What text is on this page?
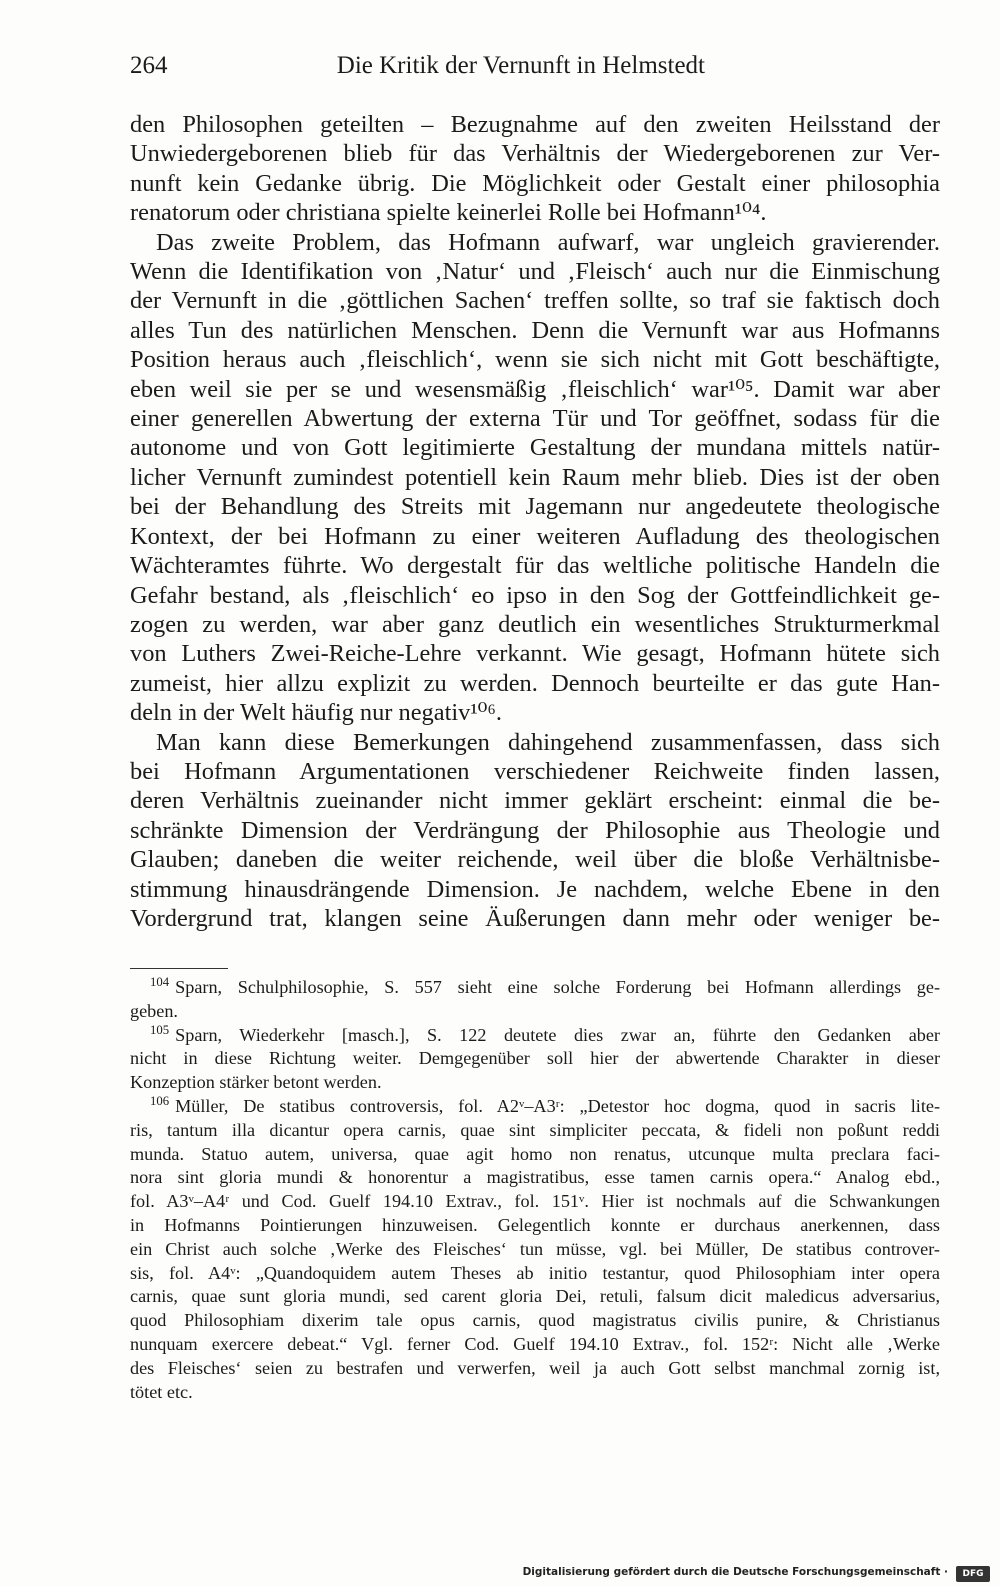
264	Die Kritik der Vernunft in Helmstedt

den Philosophen geteilten – Bezugnahme auf den zweiten Heilsstand der
Unwiedergeborenen blieb für das Verhältnis der Wiedergeborenen zur Ver-
nunft kein Gedanke übrig. Die Möglichkeit oder Gestalt einer philosophia
renatorum oder christiana spielte keinerlei Rolle bei Hofmann¹⁰⁴.

Das zweite Problem, das Hofmann aufwarf, war ungleich gravierender.
Wenn die Identifikation von ‚Natur‘ und ‚Fleisch‘ auch nur die Einmischung
der Vernunft in die ‚göttlichen Sachen‘ treffen sollte, so traf sie faktisch doch
alles Tun des natürlichen Menschen. Denn die Vernunft war aus Hofmanns
Position heraus auch ‚fleischlich‘, wenn sie sich nicht mit Gott beschäftigte,
eben weil sie per se und wesensmäßig ‚fleischlich‘ war¹⁰⁵. Damit war aber
einer generellen Abwertung der externa Tür und Tor geöffnet, sodass für die
autonome und von Gott legitimierte Gestaltung der mundana mittels natür-
licher Vernunft zumindest potentiell kein Raum mehr blieb. Dies ist der oben
bei der Behandlung des Streits mit Jagemann nur angedeutete theologische
Kontext, der bei Hofmann zu einer weiteren Aufladung des theologischen
Wächteramtes führte. Wo dergestalt für das weltliche politische Handeln die
Gefahr bestand, als ‚fleischlich‘ eo ipso in den Sog der Gottfeindlichkeit ge-
zogen zu werden, war aber ganz deutlich ein wesentliches Strukturmerkmal
von Luthers Zwei-Reiche-Lehre verkannt. Wie gesagt, Hofmann hütete sich
zumeist, hier allzu explizit zu werden. Dennoch beurteilte er das gute Han-
deln in der Welt häufig nur negativ¹⁰⁶.

Man kann diese Bemerkungen dahingehend zusammenfassen, dass sich
bei Hofmann Argumentationen verschiedener Reichweite finden lassen,
deren Verhältnis zueinander nicht immer geklärt erscheint: einmal die be-
schränkte Dimension der Verdrängung der Philosophie aus Theologie und
Glauben; daneben die weiter reichende, weil über die bloße Verhältnisbe-
stimmung hinausdrängende Dimension. Je nachdem, welche Ebene in den
Vordergrund trat, klangen seine Äußerungen dann mehr oder weniger be-

$^{104}$ Sparn, Schulphilosophie, S. 557 sieht eine solche Forderung bei Hofmann allerdings ge-
geben.
$^{105}$ Sparn, Wiederkehr [masch.], S. 122 deutete dies zwar an, führte den Gedanken aber
nicht in diese Richtung weiter. Demgegenüber soll hier der abwertende Charakter in dieser
Konzeption stärker betont werden.
$^{106}$ Müller, De statibus controversis, fol. A2ᵛ–A3ʳ: „Detestor hoc dogma, quod in sacris lite-
ris, tantum illa dicantur opera carnis, quae sint simpliciter peccata, & fideli non poßunt reddi
munda. Statuo autem, universa, quae agit homo non renatus, utcunque multa preclara faci-
nora sint gloria mundi & honorentur a magistratibus, esse tamen carnis opera.“ Analog ebd.,
fol. A3ᵛ–A4ʳ und Cod. Guelf 194.10 Extrav., fol. 151ᵛ. Hier ist nochmals auf die Schwankungen
in Hofmanns Pointierungen hinzuweisen. Gelegentlich konnte er durchaus anerkennen, dass
ein Christ auch solche ‚Werke des Fleisches‘ tun müsse, vgl. bei Müller, De statibus controver-
sis, fol. A4ᵛ: „Quandoquidem autem Theses ab initio testantur, quod Philosophiam inter opera
carnis, quae sunt gloria mundi, sed carent gloria Dei, retuli, falsum dicit maledicus adversarius,
quod Philosophiam dixerim tale opus carnis, quod magistratus civilis punire, & Christianus
nunquam exercere debeat.“ Vgl. ferner Cod. Guelf 194.10 Extrav., fol. 152ʳ: Nicht alle ‚Werke
des Fleisches‘ seien zu bestrafen und verwerfen, weil ja auch Gott selbst manchmal zornig ist,
tötet etc.
Digitalisierung gefördert durch die Deutsche Forschungsgemeinschaft ·	DFG
